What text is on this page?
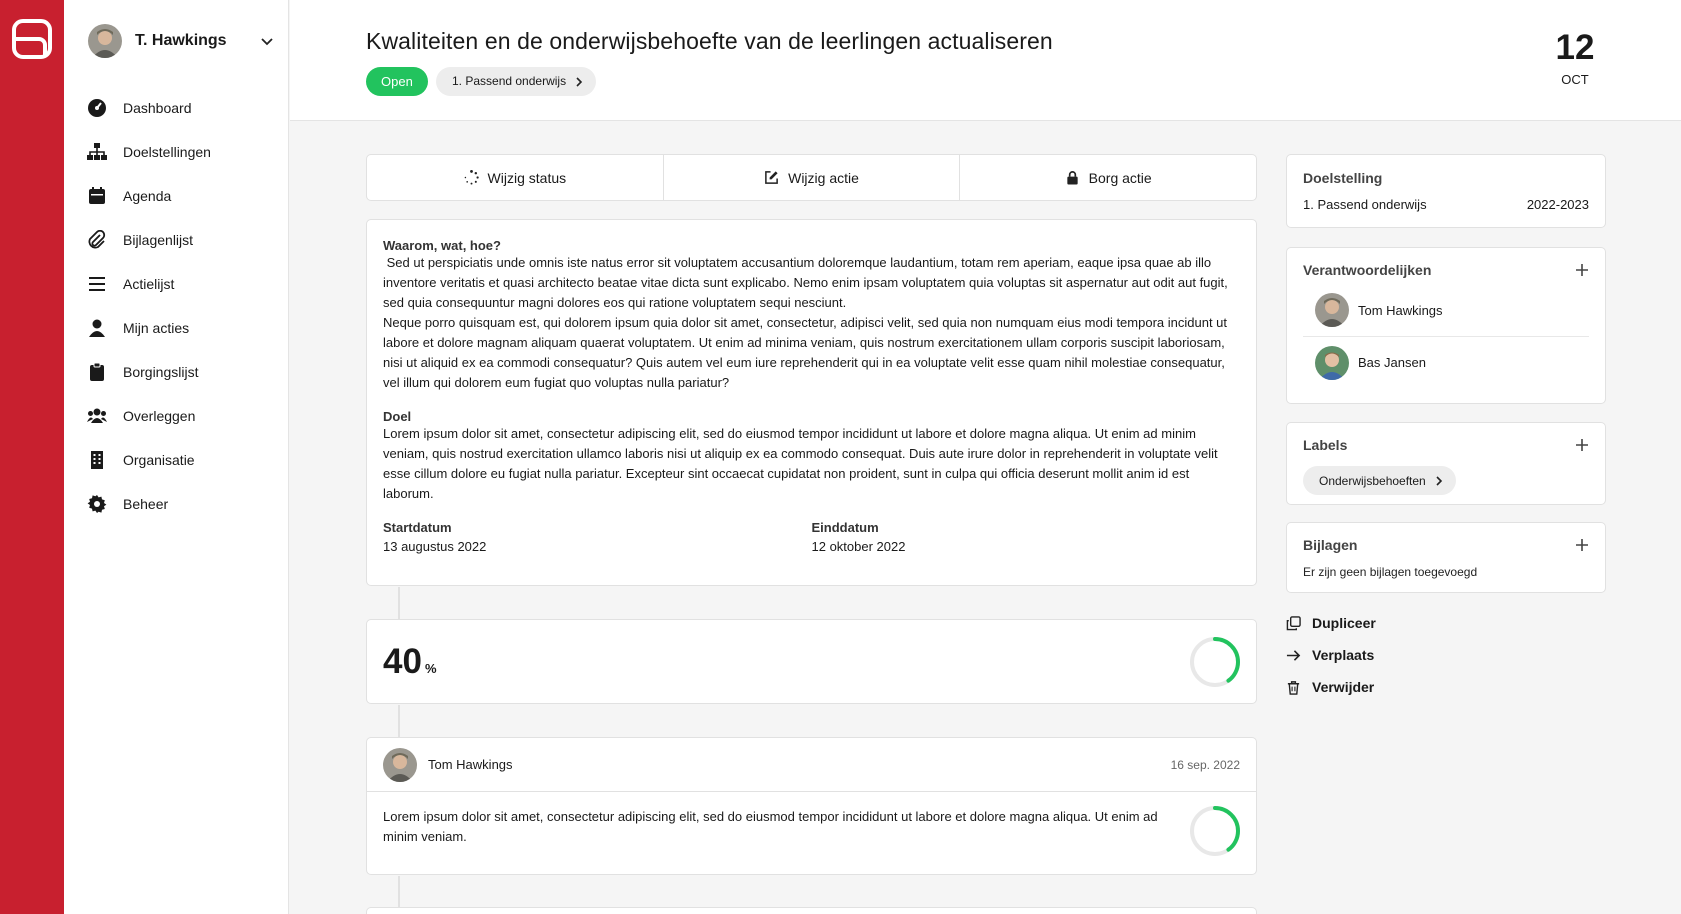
T. Hawkings
Dashboard
Doelstellingen
Agenda
Bijlagenlijst
Actielijst
Mijn acties
Borgingslijst
Overleggen
Organisatie
Beheer
Kwaliteiten en de onderwijsbehoefte van de leerlingen actualiseren
Open	1. Passend onderwijs
12
OCT
Wijzig status	Wijzig actie	Borg actie
Waarom, wat, hoe?
Sed ut perspiciatis unde omnis iste natus error sit voluptatem accusantium doloremque laudantium, totam rem aperiam, eaque ipsa quae ab illo inventore veritatis et quasi architecto beatae vitae dicta sunt explicabo. Nemo enim ipsam voluptatem quia voluptas sit aspernatur aut odit aut fugit, sed quia consequuntur magni dolores eos qui ratione voluptatem sequi nesciunt.
Neque porro quisquam est, qui dolorem ipsum quia dolor sit amet, consectetur, adipisci velit, sed quia non numquam eius modi tempora incidunt ut labore et dolore magnam aliquam quaerat voluptatem. Ut enim ad minima veniam, quis nostrum exercitationem ullam corporis suscipit laboriosam, nisi ut aliquid ex ea commodi consequatur? Quis autem vel eum iure reprehenderit qui in ea voluptate velit esse quam nihil molestiae consequatur, vel illum qui dolorem eum fugiat quo voluptas nulla pariatur?
Doel
Lorem ipsum dolor sit amet, consectetur adipiscing elit, sed do eiusmod tempor incididunt ut labore et dolore magna aliqua. Ut enim ad minim veniam, quis nostrud exercitation ullamco laboris nisi ut aliquip ex ea commodo consequat. Duis aute irure dolor in reprehenderit in voluptate velit esse cillum dolore eu fugiat nulla pariatur. Excepteur sint occaecat cupidatat non proident, sunt in culpa qui officia deserunt mollit anim id est laborum.
Startdatum
13 augustus 2022
Einddatum
12 oktober 2022
40 %
Tom Hawkings	16 sep. 2022
Lorem ipsum dolor sit amet, consectetur adipiscing elit, sed do eiusmod tempor incididunt ut labore et dolore magna aliqua. Ut enim ad minim veniam.
Doelstelling
1. Passend onderwijs	2022-2023
Verantwoordelijken
Tom Hawkings
Bas Jansen
Labels
Onderwijsbehoeften
Bijlagen
Er zijn geen bijlagen toegevoegd
Dupliceer
Verplaats
Verwijder
